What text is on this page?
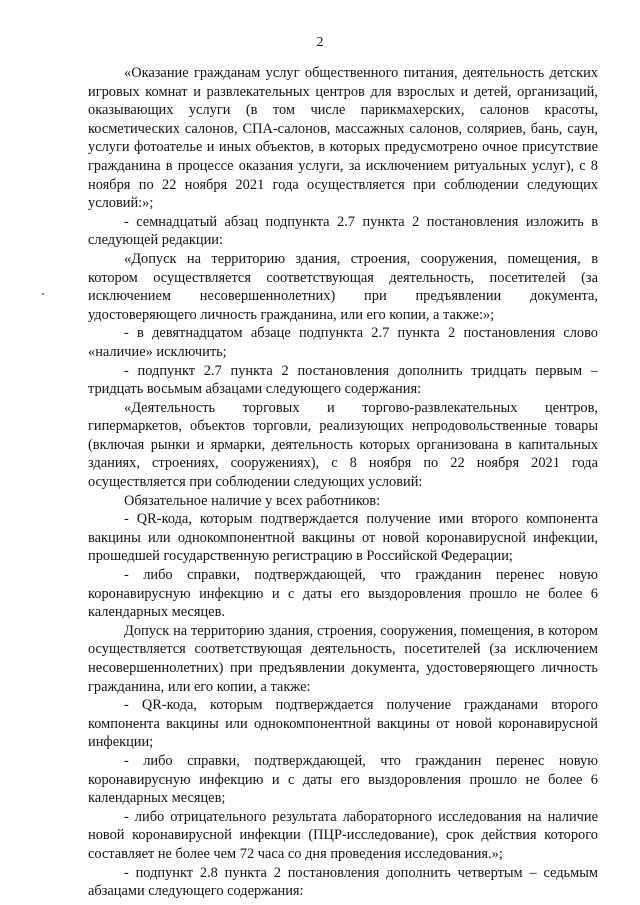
2

«Оказание гражданам услуг общественного питания, деятельность детских игровых комнат и развлекательных центров для взрослых и детей, организаций, оказывающих услуги (в том числе парикмахерских, салонов красоты, косметических салонов, СПА-салонов, массажных салонов, соляриев, бань, саун, услуги фотоателье и иных объектов, в которых предусмотрено очное присутствие гражданина в процессе оказания услуги, за исключением ритуальных услуг), с 8 ноября по 22 ноября 2021 года осуществляется при соблюдении следующих условий:»;

- семнадцатый абзац подпункта 2.7 пункта 2 постановления изложить в следующей редакции:

«Допуск на территорию здания, строения, сооружения, помещения, в котором осуществляется соответствующая деятельность, посетителей (за исключением несовершеннолетних) при предъявлении документа, удостоверяющего личность гражданина, или его копии, а также:»;

- в девятнадцатом абзаце подпункта 2.7 пункта 2 постановления слово «наличие» исключить;

- подпункт 2.7 пункта 2 постановления дополнить тридцать первым – тридцать восьмым абзацами следующего содержания:

«Деятельность торговых и торгово-развлекательных центров, гипермаркетов, объектов торговли, реализующих непродовольственные товары (включая рынки и ярмарки, деятельность которых организована в капитальных зданиях, строениях, сооружениях), с 8 ноября по 22 ноября 2021 года осуществляется при соблюдении следующих условий:

Обязательное наличие у всех работников:

- QR-кода, которым подтверждается получение ими второго компонента вакцины или однокомпонентной вакцины от новой коронавирусной инфекции, прошедшей государственную регистрацию в Российской Федерации;

- либо справки, подтверждающей, что гражданин перенес новую коронавирусную инфекцию и с даты его выздоровления прошло не более 6 календарных месяцев.

Допуск на территорию здания, строения, сооружения, помещения, в котором осуществляется соответствующая деятельность, посетителей (за исключением несовершеннолетних) при предъявлении документа, удостоверяющего личность гражданина, или его копии, а также:

- QR-кода, которым подтверждается получение гражданами второго компонента вакцины или однокомпонентной вакцины от новой коронавирусной инфекции;

- либо справки, подтверждающей, что гражданин перенес новую коронавирусную инфекцию и с даты его выздоровления прошло не более 6 календарных месяцев;

- либо отрицательного результата лабораторного исследования на наличие новой коронавирусной инфекции (ПЦР-исследование), срок действия которого составляет не более чем 72 часа со дня проведения исследования.»;

- подпункт 2.8 пункта 2 постановления дополнить четвертым – седьмым абзацами следующего содержания:
